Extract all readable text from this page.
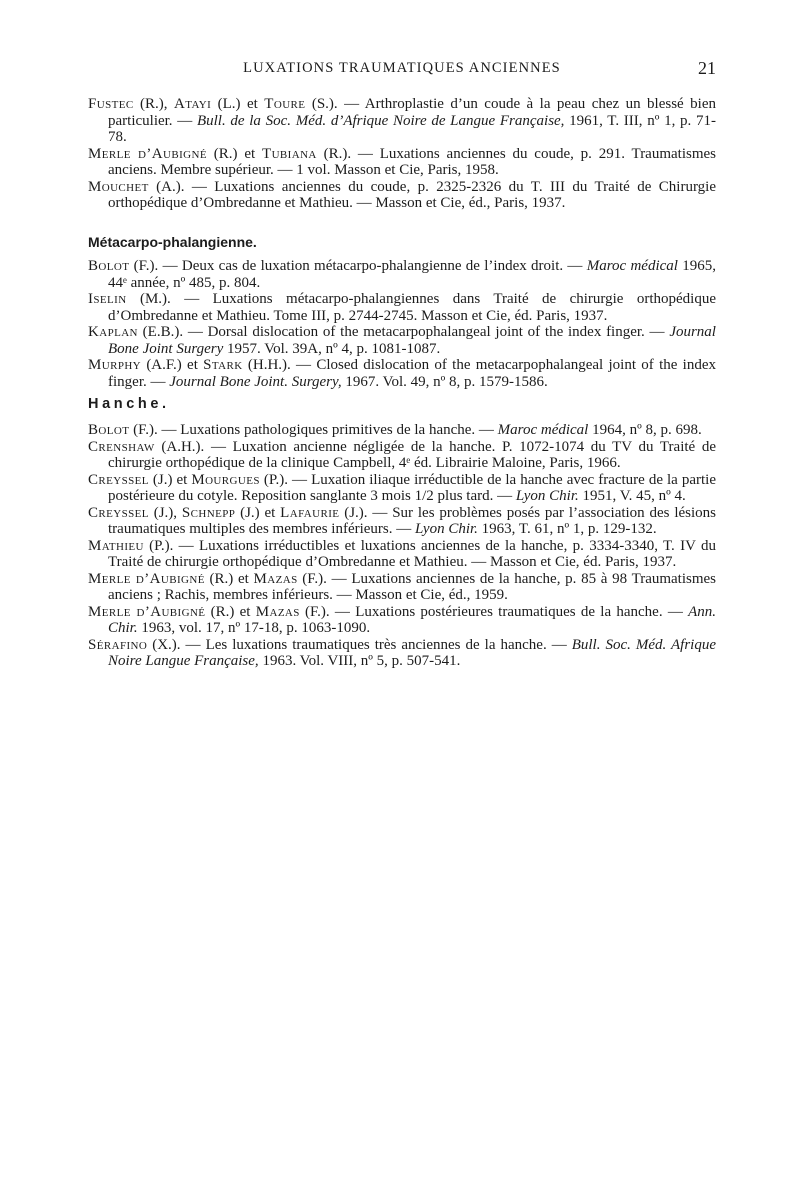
LUXATIONS TRAUMATIQUES ANCIENNES	21

Fustec (R.), Atayi (L.) et Toure (S.). — Arthroplastie d’un coude à la peau chez un blessé bien particulier. — Bull. de la Soc. Méd. d’Afrique Noire de Langue Française, 1961, T. III, nº 1, p. 71-78.

Merle d’Aubigné (R.) et Tubiana (R.). — Luxations anciennes du coude, p. 291. Traumatismes anciens. Membre supérieur. — 1 vol. Masson et Cie, Paris, 1958.

Mouchet (A.). — Luxations anciennes du coude, p. 2325-2326 du T. III du Traité de Chirurgie orthopédique d’Ombredanne et Mathieu. — Masson et Cie, éd., Paris, 1937.

Métacarpo-phalangienne.

Bolot (F.). — Deux cas de luxation métacarpo-phalangienne de l’index droit. — Maroc médical 1965, 44ᵉ année, nº 485, p. 804.

Iselin (M.). — Luxations métacarpo-phalangiennes dans Traité de chirurgie orthopédique d’Ombredanne et Mathieu. Tome III, p. 2744-2745. Masson et Cie, éd. Paris, 1937.

Kaplan (E.B.). — Dorsal dislocation of the metacarpophalangeal joint of the index finger. — Journal Bone Joint Surgery 1957. Vol. 39A, nº 4, p. 1081-1087.

Murphy (A.F.) et Stark (H.H.). — Closed dislocation of the metacarpophalangeal joint of the index finger. — Journal Bone Joint. Surgery, 1967. Vol. 49, nº 8, p. 1579-1586.

Hanche.

Bolot (F.). — Luxations pathologiques primitives de la hanche. — Maroc médical 1964, nº 8, p. 698.

Crenshaw (A.H.). — Luxation ancienne négligée de la hanche. P. 1072-1074 du TV du Traité de chirurgie orthopédique de la clinique Campbell, 4ᵉ éd. Librairie Maloine, Paris, 1966.

Creyssel (J.) et Mourgues (P.). — Luxation iliaque irréductible de la hanche avec fracture de la partie postérieure du cotyle. Reposition sanglante 3 mois 1/2 plus tard. — Lyon Chir. 1951, V. 45, nº 4.

Creyssel (J.), Schnepp (J.) et Lafaurie (J.). — Sur les problèmes posés par l’association des lésions traumatiques multiples des membres inférieurs. — Lyon Chir. 1963, T. 61, nº 1, p. 129-132.

Mathieu (P.). — Luxations irréductibles et luxations anciennes de la hanche, p. 3334-3340, T. IV du Traité de chirurgie orthopédique d’Ombredanne et Mathieu. — Masson et Cie, éd. Paris, 1937.

Merle d’Aubigné (R.) et Mazas (F.). — Luxations anciennes de la hanche, p. 85 à 98 Traumatismes anciens ; Rachis, membres inférieurs. — Masson et Cie, éd., 1959.

Merle d’Aubigné (R.) et Mazas (F.). — Luxations postérieures traumatiques de la hanche. — Ann. Chir. 1963, vol. 17, nº 17-18, p. 1063-1090.

Sérafino (X.). — Les luxations traumatiques très anciennes de la hanche. — Bull. Soc. Méd. Afrique Noire Langue Française, 1963. Vol. VIII, nº 5, p. 507-541.
